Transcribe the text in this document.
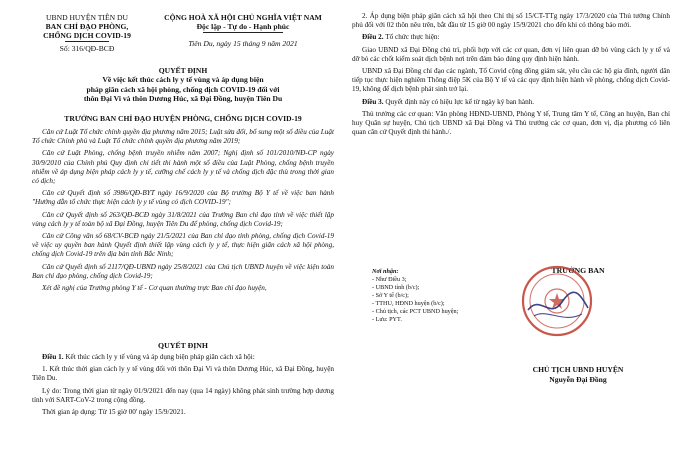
UBND HUYỆN TIÊN DU
BAN CHỈ ĐẠO PHÒNG,
CHỐNG DỊCH COVID-19
Số: 316/QĐ-BCĐ
CỘNG HOÀ XÃ HỘI CHỦ NGHĨA VIỆT NAM
Độc lập - Tự do - Hạnh phúc
Tiên Du, ngày 15 tháng 9 năm 2021
QUYẾT ĐỊNH
Về việc kết thúc cách ly y tế vùng và áp dụng biện
pháp giãn cách xã hội phòng, chống dịch COVID-19 đối với
thôn Đại Vi và thôn Dương Húc, xã Đại Đồng, huyện Tiên Du
TRƯỞNG BAN CHỈ ĐẠO HUYỆN PHÒNG, CHỐNG DỊCH COVID-19

Căn cứ Luật Tổ chức chính quyền địa phương năm 2015; Luật sửa đổi, bổ sung một số điều của Luật Tổ chức Chính phủ và Luật Tổ chức chính quyền địa phương năm 2019;

Căn cứ Luật Phòng, chống bệnh truyền nhiễm năm 2007; Nghị định số 101/2010/NĐ-CP ngày 30/9/2010 của Chính phủ Quy định chi tiết thi hành một số điều của Luật Phòng, chống bệnh truyền nhiễm về áp dụng biện pháp cách ly y tế, cưỡng chế cách ly y tế và chống dịch đặc thù trong thời gian có dịch;

Căn cứ Quyết định số 3986/QĐ-BYT ngày 16/9/2020 của Bộ trưởng Bộ Y tế về việc ban hành "Hướng dẫn tổ chức thực hiện cách ly y tế vùng có dịch COVID-19";

Căn cứ Quyết định số 263/QĐ-BCĐ ngày 31/8/2021 của Trưởng Ban chỉ đạo tỉnh về việc thiết lập vùng cách ly y tế toàn bộ xã Đại Đồng, huyện Tiên Du để phòng, chống dịch Covid-19;

Căn cứ Công văn số 68/CV-BCĐ ngày 21/5/2021 của Ban chỉ đạo tỉnh phòng, chống dịch Covid-19 về việc uy quyền ban hành Quyết định thiết lập vùng cách ly y tế, thực hiện giãn cách xã hội phòng, chống dịch Covid-19 trên địa bàn tỉnh Bắc Ninh;

Căn cứ Quyết định số 2117/QĐ-UBND ngày 25/8/2021 của Chủ tịch UBND huyện về việc kiện toàn Ban chỉ đạo phòng, chống dịch Covid-19;

Xét đề nghị của Trưởng phòng Y tế - Cơ quan thường trực Ban chỉ đạo huyện,

QUYẾT ĐỊNH

Điều 1. Kết thúc cách ly y tế vùng và áp dụng biện pháp giãn cách xã hội:

1. Kết thúc thời gian cách ly y tế vùng đối với thôn Đại Vi và thôn Dương Húc, xã Đại Đồng, huyện Tiên Du.

Lý do: Trong thời gian từ ngày 01/9/2021 đến nay (qua 14 ngày) không phát sinh trường hợp dương tính với SART-CoV-2 trong cộng đồng.

Thời gian áp dụng: Từ 15 giờ 00' ngày 15/9/2021.

2. Áp dụng biện pháp giãn cách xã hội theo Chỉ thị số 15/CT-TTg ngày 17/3/2020 của Thủ tướng Chính phủ đối với 02 thôn nêu trên, bắt đầu từ 15 giờ 00 ngày 15/9/2021 cho đến khi có thông báo mới.

Điều 2. Tổ chức thực hiện:

Giao UBND xã Đại Đồng chủ trì, phối hợp với các cơ quan, đơn vị liên quan dỡ bỏ vùng cách ly y tế và dỡ bỏ các chốt kiểm soát dịch bệnh nơi trên đảm bảo đúng quy định hiện hành.

UBND xã Đại Đồng chỉ đạo các ngành, Tổ Covid cộng đồng giám sát, yêu cầu các hộ gia đình, người dân tiếp tục thực hiện nghiêm Thông điệp 5K của Bộ Y tế và các quy định hiện hành về phòng, chống dịch Covid-19, không để dịch bệnh phát sinh trở lại.

Điều 3. Quyết định này có hiệu lực kể từ ngày ký ban hành.

Thủ trưởng các cơ quan: Văn phòng HĐND-UBND, Phòng Y tế, Trung tâm Y tế, Công an huyện, Ban chỉ huy Quân sự huyện, Chủ tịch UBND xã Đại Đồng và Thủ trưởng các cơ quan, đơn vị, địa phương có liên quan căn cứ Quyết định thi hành./.

Nơi nhận:

- Như Điều 3;

- UBND tỉnh (b/c);

- Sở Y tế (b/c);

- TTHU, HĐND huyện (b/c);

- Chủ tịch, các PCT UBND huyện;

- Lưu: PYT.

TRƯỞNG BAN
CHỦ TỊCH UBND HUYỆN
Nguyễn Đại Đồng
